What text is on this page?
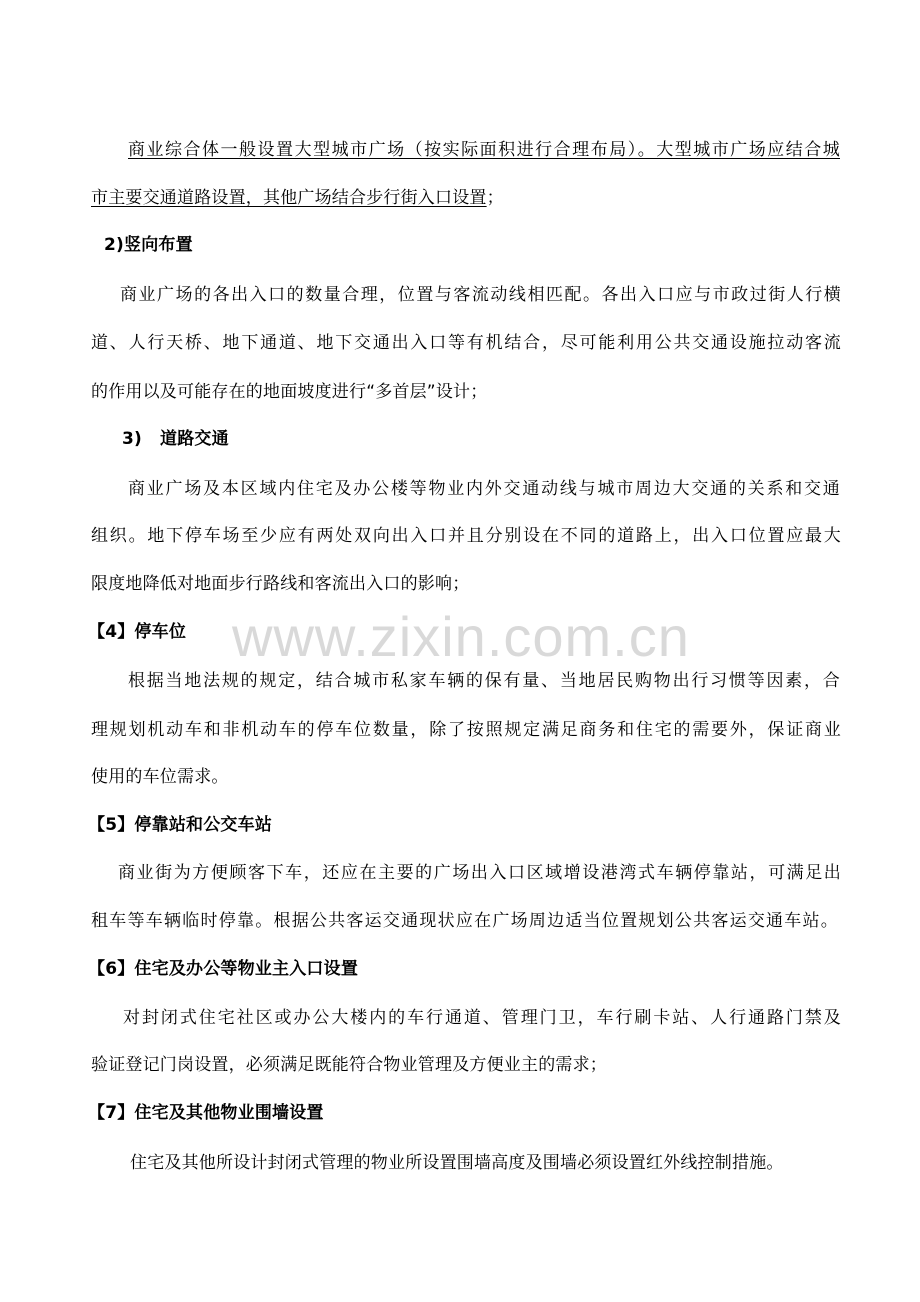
www.zixin.com.cn
商业综合体一般设置大型城市广场（按实际面积进行合理布局）。大型城市广场应结合城
市主要交通道路设置，其他广场结合步行街入口设置；
2)竖向布置
商业广场的各出入口的数量合理，位置与客流动线相匹配。各出入口应与市政过街人行横
道、人行天桥、地下通道、地下交通出入口等有机结合，尽可能利用公共交通设施拉动客流
的作用以及可能存在的地面坡度进行“多首层”设计；
3) 道路交通
商业广场及本区域内住宅及办公楼等物业内外交通动线与城市周边大交通的关系和交通
组织。地下停车场至少应有两处双向出入口并且分别设在不同的道路上，出入口位置应最大
限度地降低对地面步行路线和客流出入口的影响；
【4】停车位
根据当地法规的规定，结合城市私家车辆的保有量、当地居民购物出行习惯等因素，合
理规划机动车和非机动车的停车位数量，除了按照规定满足商务和住宅的需要外，保证商业
使用的车位需求。
【5】停靠站和公交车站
商业街为方便顾客下车，还应在主要的广场出入口区域增设港湾式车辆停靠站，可满足出
租车等车辆临时停靠。根据公共客运交通现状应在广场周边适当位置规划公共客运交通车站。
【6】住宅及办公等物业主入口设置
对封闭式住宅社区或办公大楼内的车行通道、管理门卫，车行刷卡站、人行通路门禁及
验证登记门岗设置，必须满足既能符合物业管理及方便业主的需求；
【7】住宅及其他物业围墙设置
住宅及其他所设计封闭式管理的物业所设置围墙高度及围墙必须设置红外线控制措施。
